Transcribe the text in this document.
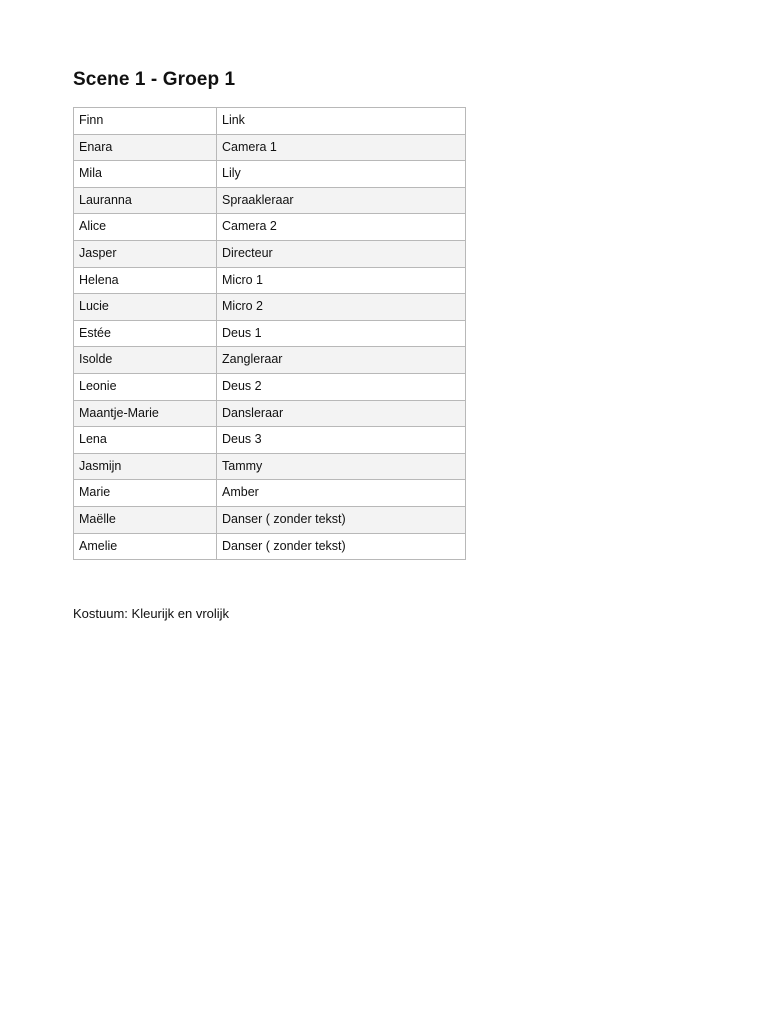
Scene 1 - Groep 1
Finn	Link
Enara	Camera 1
Mila	Lily
Lauranna	Spraakleraar
Alice	Camera 2
Jasper	Directeur
Helena	Micro 1
Lucie	Micro 2
Estée	Deus 1
Isolde	Zangleraar
Leonie	Deus 2
Maantje-Marie	Dansleraar
Lena	Deus 3
Jasmijn	Tammy
Marie	Amber
Maëlle	Danser ( zonder tekst)
Amelie	Danser ( zonder tekst)

Kostuum: Kleurijk en vrolijk
